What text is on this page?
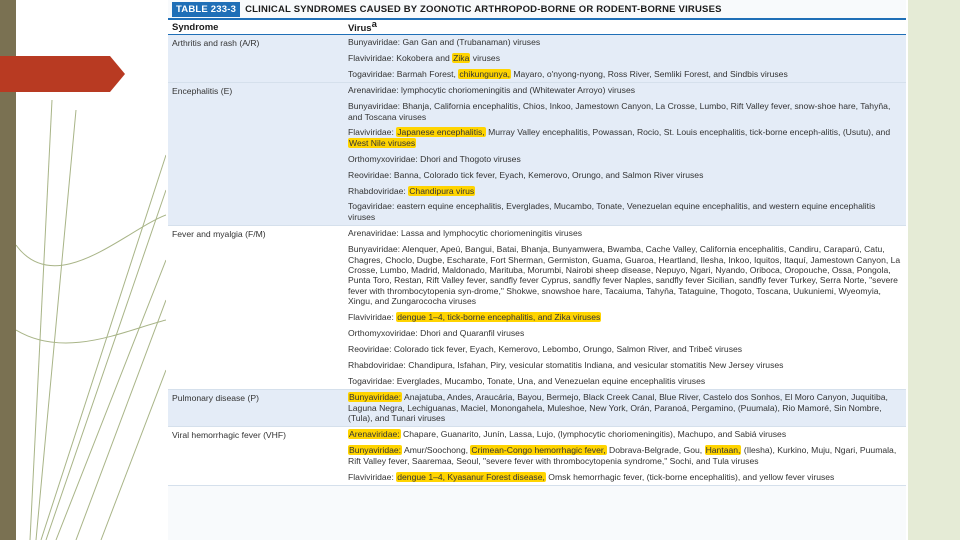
TABLE 233-3 CLINICAL SYNDROMES CAUSED BY ZOONOTIC ARTHROPOD-BORNE OR RODENT-BORNE VIRUSES
Syndrome	Virusa
Arthritis and rash (A/R)	Bunyaviridae: Gan Gan and (Trubanaman) viruses
Flaviviridae: Kokobera and Zika viruses
Togaviridae: Barmah Forest, chikungunya, Mayaro, o'nyong-nyong, Ross River, Semliki Forest, and Sindbis viruses
Encephalitis (E)	Arenaviridae: lymphocytic choriomeningitis and (Whitewater Arroyo) viruses
Bunyaviridae: Bhanja, California encephalitis, Chios, Inkoo, Jamestown Canyon, La Crosse, Lumbo, Rift Valley fever, snow-shoe hare, Tahyňa, and Toscana viruses
Flaviviridae: Japanese encephalitis, Murray Valley encephalitis, Powassan, Rocio, St. Louis encephalitis, tick-borne enceph-alitis, (Usutu), and West Nile viruses
Orthomyxoviridae: Dhori and Thogoto viruses
Reoviridae: Banna, Colorado tick fever, Eyach, Kemerovo, Orungo, and Salmon River viruses
Rhabdoviridae: Chandipura virus
Togaviridae: eastern equine encephalitis, Everglades, Mucambo, Tonate, Venezuelan equine encephalitis, and western equine encephalitis viruses
Fever and myalgia (F/M)	Arenaviridae: Lassa and lymphocytic choriomeningitis viruses
Bunyaviridae: Alenquer, Apeú, Bangui, Batai, Bhanja, Bunyamwera, Bwamba, Cache Valley, California encephalitis, Candiru, Caraparú, Catu, Chagres, Choclo, Dugbe, Escharate, Fort Sherman, Germiston, Guama, Guaroa, Heartland, Ilesha, Inkoo, Iquitos, Itaquí, Jamestown Canyon, La Crosse, Lumbo, Madrid, Maldonado, Marituba, Morumbi, Nairobi sheep disease, Nepuyo, Ngari, Nyando, Oriboca, Oropouche, Ossa, Pongola, Punta Toro, Restan, Rift Valley fever, sandfly fever Cyprus, sandfly fever Naples, sandfly fever Sicilian, sandfly fever Turkey, Serra Norte, "severe fever with thrombocytopenia syn-drome," Shokwe, snowshoe hare, Tacaiuma, Tahyňa, Tataguine, Thogoto, Toscana, Uukuniemi, Wyeomyia, Xingu, and Zungarococha viruses
Flaviviridae: dengue 1–4, tick-borne encephalitis, and Zika viruses
Orthomyxoviridae: Dhori and Quaranfil viruses
Reoviridae: Colorado tick fever, Eyach, Kemerovo, Lebombo, Orungo, Salmon River, and Tribeč viruses
Rhabdoviridae: Chandipura, Isfahan, Piry, vesicular stomatitis Indiana, and vesicular stomatitis New Jersey viruses
Togaviridae: Everglades, Mucambo, Tonate, Una, and Venezuelan equine encephalitis viruses
Pulmonary disease (P)	Bunyaviridae: Anajatuba, Andes, Araucária, Bayou, Bermejo, Black Creek Canal, Blue River, Castelo dos Sonhos, El Moro Canyon, Juquitiba, Laguna Negra, Lechiguanas, Maciel, Monongahela, Muleshoe, New York, Orán, Paranoá, Pergamino, (Puumala), Rio Mamoré, Sin Nombre, (Tula), and Tunari viruses
Viral hemorrhagic fever (VHF)	Arenaviridae: Chapare, Guanarito, Junín, Lassa, Lujo, (lymphocytic choriomeningitis), Machupo, and Sabiá viruses
Bunyaviridae: Amur/Soochong, Crimean-Congo hemorrhagic fever, Dobrava-Belgrade, Gou, Hantaan, (Ilesha), Kurkino, Muju, Ngari, Puumala, Rift Valley fever, Saaremaa, Seoul, "severe fever with thrombocytopenia syndrome," Sochi, and Tula viruses
Flaviviridae: dengue 1–4, Kyasanur Forest disease, Omsk hemorrhagic fever, (tick-borne encephalitis), and yellow fever viruses
